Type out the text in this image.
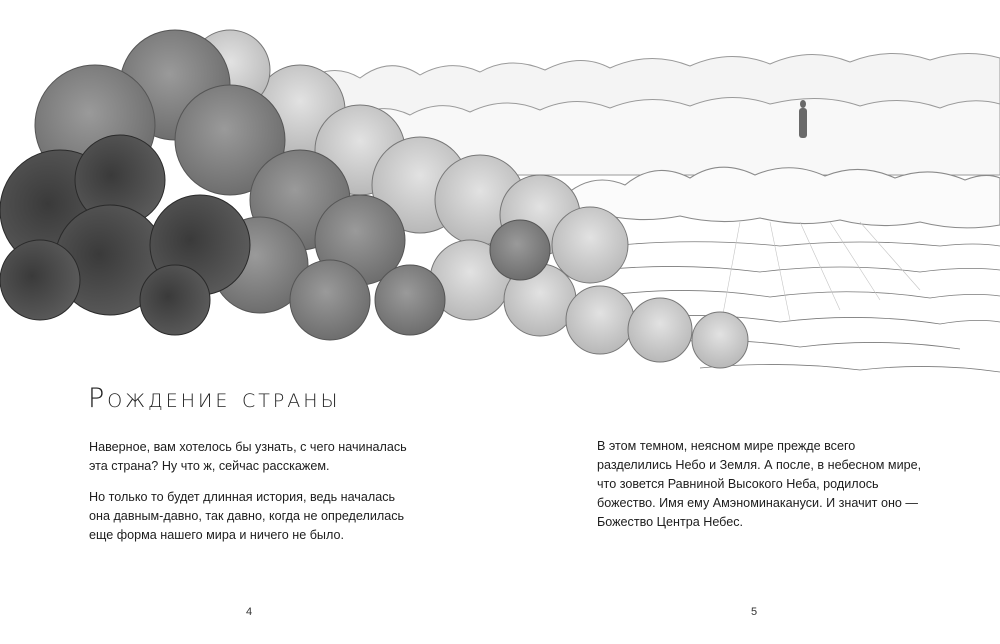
Рождение страны

Наверное, вам хотелось бы узнать, с чего начиналась эта страна? Ну что ж, сейчас расскажем.

Но только то будет длинная история, ведь началась она давным-давно, так давно, когда не определилась еще форма нашего мира и ничего не было.

В этом темном, неясном мире прежде всего разделились Небо и Земля. А после, в небесном мире, что зовется Равниной Высокого Неба, родилось божество. Имя ему Амэноминакануси. И значит оно — Божество Центра Небес.

4	5
